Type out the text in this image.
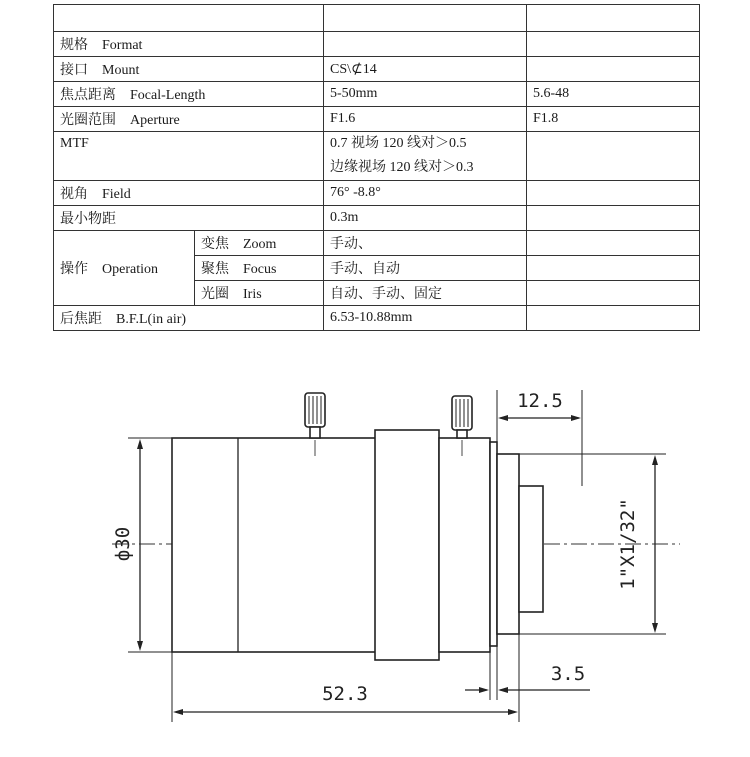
规格 Format			
接口 Mount		CS\⊄14	
焦点距离 Focal-Length		5-50mm	5.6-48
光圈范围 Aperture		F1.6	F1.8
MTF		0.7 视场 120 线对＞0.5
边缘视场 120 线对＞0.3	

视角 Field		76° -8.8°	
最小物距		0.3m	
操作 Operation	变焦 Zoom	手动、	
	聚焦 Focus	手动、自动	
	光圈 Iris	自动、手动、固定	
后焦距 B.F.L(in air)		6.53-10.88mm	
ф30
52.3
12.5
3.5
1"X1/32"
